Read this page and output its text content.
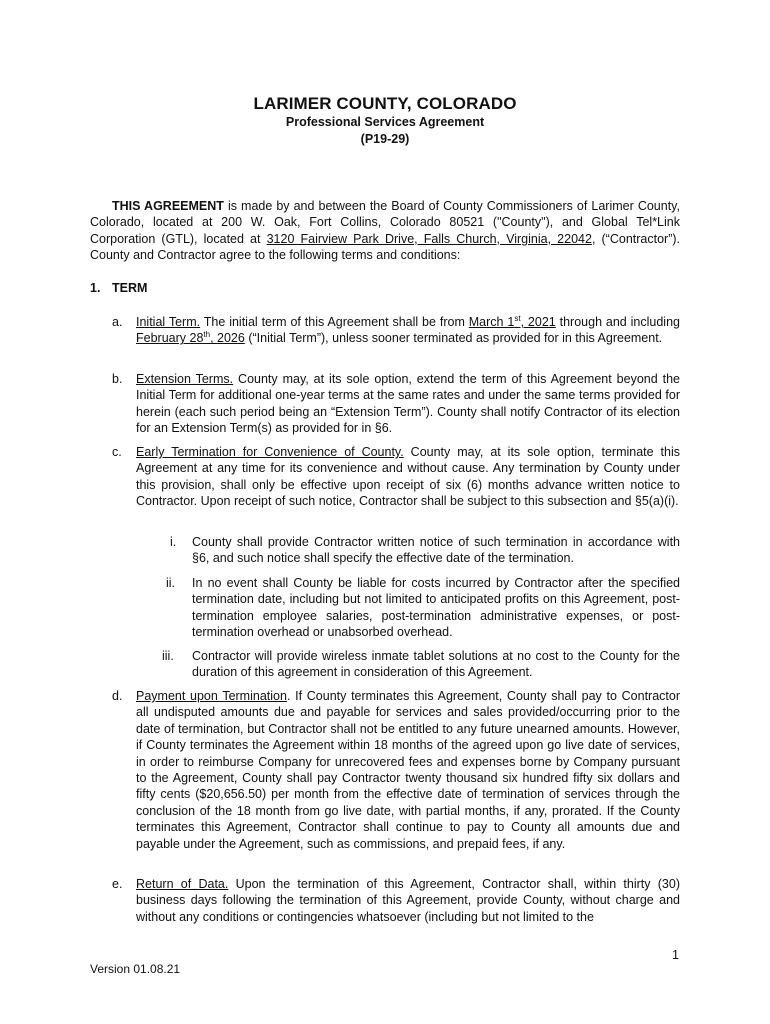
LARIMER COUNTY, COLORADO
Professional Services Agreement
(P19-29)
THIS AGREEMENT is made by and between the Board of County Commissioners of Larimer County, Colorado, located at 200 W. Oak, Fort Collins, Colorado 80521 ("County"), and Global Tel*Link Corporation (GTL), located at 3120 Fairview Park Drive, Falls Church, Virginia, 22042, (“Contractor”). County and Contractor agree to the following terms and conditions:
1. TERM
a.	Initial Term. The initial term of this Agreement shall be from March 1st, 2021 through and including February 28th, 2026 (“Initial Term”), unless sooner terminated as provided for in this Agreement.
b.	Extension Terms. County may, at its sole option, extend the term of this Agreement beyond the Initial Term for additional one-year terms at the same rates and under the same terms provided for herein (each such period being an “Extension Term”). County shall notify Contractor of its election for an Extension Term(s) as provided for in §6.
c.	Early Termination for Convenience of County. County may, at its sole option, terminate this Agreement at any time for its convenience and without cause. Any termination by County under this provision, shall only be effective upon receipt of six (6) months advance written notice to Contractor. Upon receipt of such notice, Contractor shall be subject to this subsection and §5(a)(i).
i. County shall provide Contractor written notice of such termination in accordance with §6, and such notice shall specify the effective date of the termination.
ii. In no event shall County be liable for costs incurred by Contractor after the specified termination date, including but not limited to anticipated profits on this Agreement, post-termination employee salaries, post-termination administrative expenses, or post-termination overhead or unabsorbed overhead.
iii. Contractor will provide wireless inmate tablet solutions at no cost to the County for the duration of this agreement in consideration of this Agreement.
d.	Payment upon Termination. If County terminates this Agreement, County shall pay to Contractor all undisputed amounts due and payable for services and sales provided/occurring prior to the date of termination, but Contractor shall not be entitled to any future unearned amounts. However, if County terminates the Agreement within 18 months of the agreed upon go live date of services, in order to reimburse Company for unrecovered fees and expenses borne by Company pursuant to the Agreement, County shall pay Contractor twenty thousand six hundred fifty six dollars and fifty cents ($20,656.50) per month from the effective date of termination of services through the conclusion of the 18 month from go live date, with partial months, if any, prorated. If the County terminates this Agreement, Contractor shall continue to pay to County all amounts due and payable under the Agreement, such as commissions, and prepaid fees, if any.
e.	Return of Data. Upon the termination of this Agreement, Contractor shall, within thirty (30) business days following the termination of this Agreement, provide County, without charge and without any conditions or contingencies whatsoever (including but not limited to the
1
Version 01.08.21
